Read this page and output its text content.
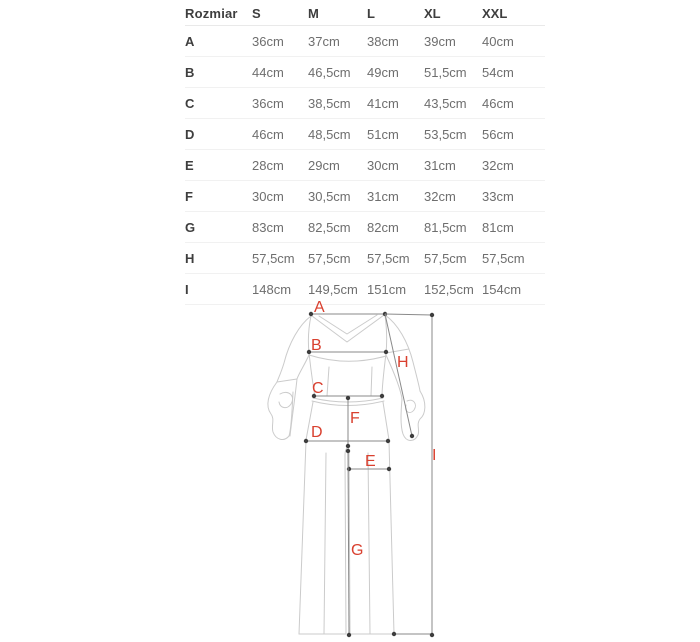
Rozmiar	S	M	L	XL	XXL
A	36cm	37cm	38cm	39cm	40cm
B	44cm	46,5cm	49cm	51,5cm	54cm
C	36cm	38,5cm	41cm	43,5cm	46cm
D	46cm	48,5cm	51cm	53,5cm	56cm
E	28cm	29cm	30cm	31cm	32cm
F	30cm	30,5cm	31cm	32cm	33cm
G	83cm	82,5cm	82cm	81,5cm	81cm
H	57,5cm	57,5cm	57,5cm	57,5cm	57,5cm
I	148cm	149,5cm 151cm	152,5cm 154cm
A
B
C
D
E
F
G
H
I
